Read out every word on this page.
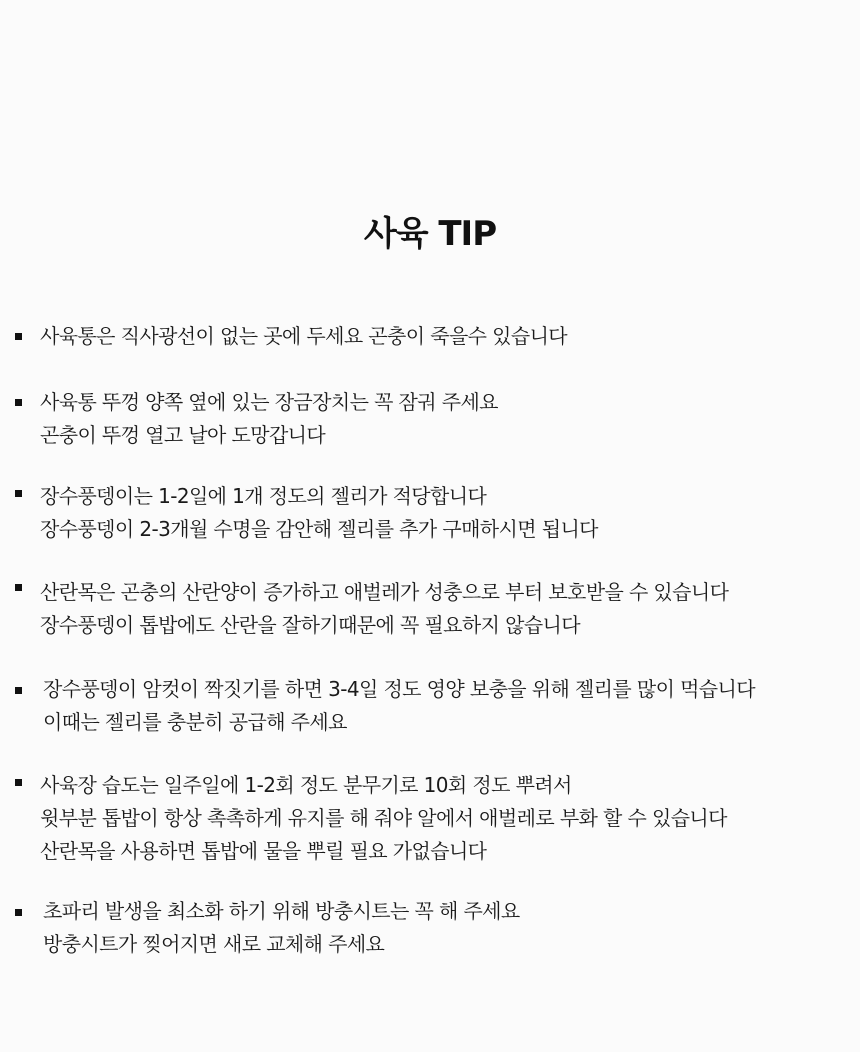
사육 TIP
사육통은 직사광선이 없는 곳에 두세요 곤충이 죽을수 있습니다
사육통 뚜껑 양쪽 옆에 있는 장금장치는 꼭 잠궈 주세요
곤충이 뚜껑 열고 날아 도망갑니다
장수풍뎅이는 1-2일에 1개 정도의 젤리가 적당합니다
장수풍뎅이 2-3개월 수명을 감안해 젤리를 추가 구매하시면 됩니다
산란목은 곤충의 산란양이 증가하고 애벌레가 성충으로 부터 보호받을 수 있습니다
장수풍뎅이 톱밥에도 산란을 잘하기때문에 꼭 필요하지 않습니다
장수풍뎅이 암컷이 짝짓기를 하면 3-4일 정도 영양 보충을 위해 젤리를 많이 먹습니다
이때는 젤리를 충분히 공급해 주세요
사육장 습도는 일주일에 1-2회 정도 분무기로 10회 정도 뿌려서
윗부분 톱밥이 항상 촉촉하게 유지를 해 줘야 알에서 애벌레로 부화 할 수 있습니다
산란목을 사용하면 톱밥에 물을 뿌릴 필요 가없습니다
초파리 발생을 최소화 하기 위해 방충시트는 꼭 해 주세요
방충시트가 찢어지면 새로 교체해 주세요
